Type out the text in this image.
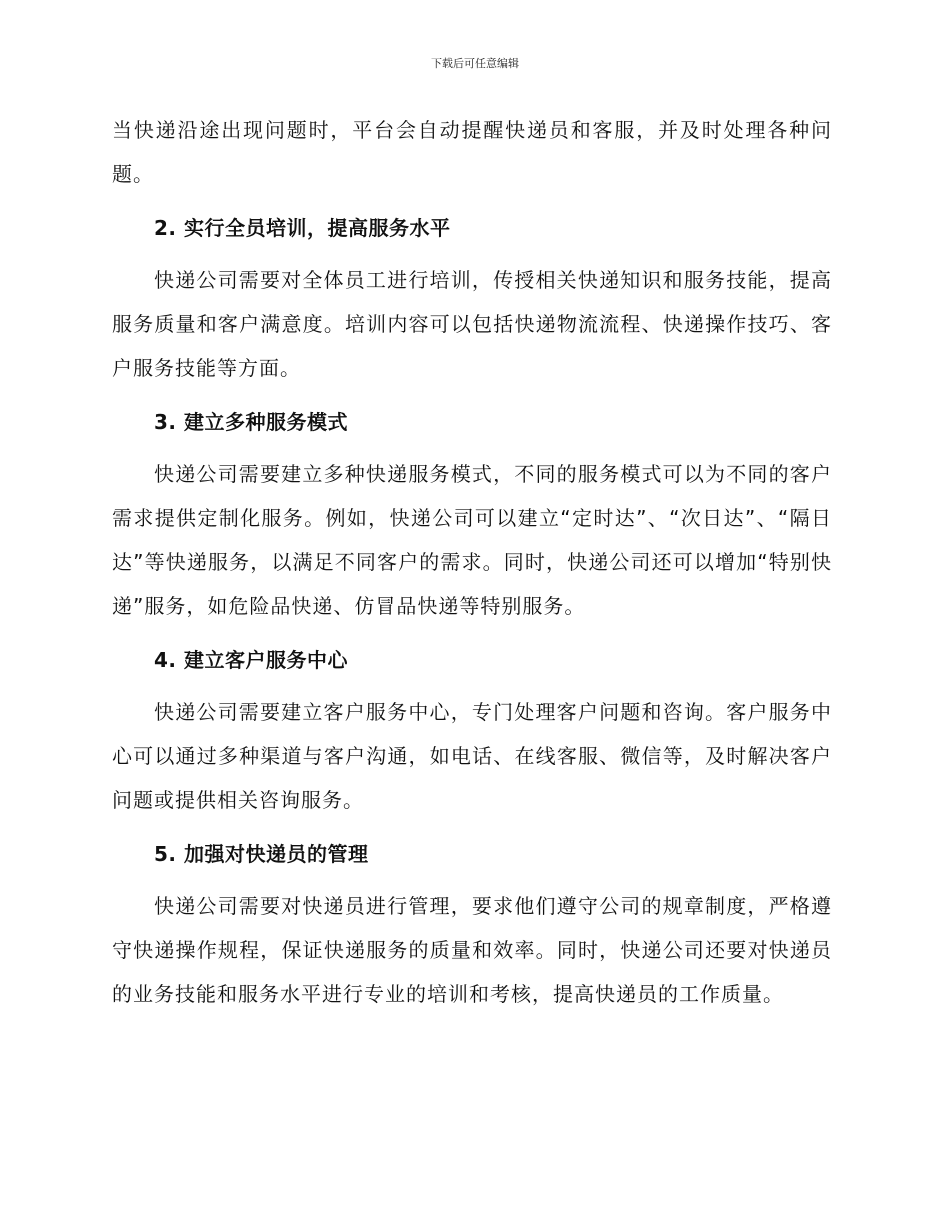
下载后可任意编辑

当快递沿途出现问题时，平台会自动提醒快递员和客服，并及时处理各种问题。

2. 实行全员培训，提高服务水平

快递公司需要对全体员工进行培训，传授相关快递知识和服务技能，提高服务质量和客户满意度。培训内容可以包括快递物流流程、快递操作技巧、客户服务技能等方面。

3. 建立多种服务模式

快递公司需要建立多种快递服务模式，不同的服务模式可以为不同的客户需求提供定制化服务。例如，快递公司可以建立“定时达”、“次日达”、“隔日达”等快递服务，以满足不同客户的需求。同时，快递公司还可以增加“特别快递”服务，如危险品快递、仿冒品快递等特别服务。

4. 建立客户服务中心

快递公司需要建立客户服务中心，专门处理客户问题和咨询。客户服务中心可以通过多种渠道与客户沟通，如电话、在线客服、微信等，及时解决客户问题或提供相关咨询服务。

5. 加强对快递员的管理

快递公司需要对快递员进行管理，要求他们遵守公司的规章制度，严格遵守快递操作规程，保证快递服务的质量和效率。同时，快递公司还要对快递员的业务技能和服务水平进行专业的培训和考核，提高快递员的工作质量。
